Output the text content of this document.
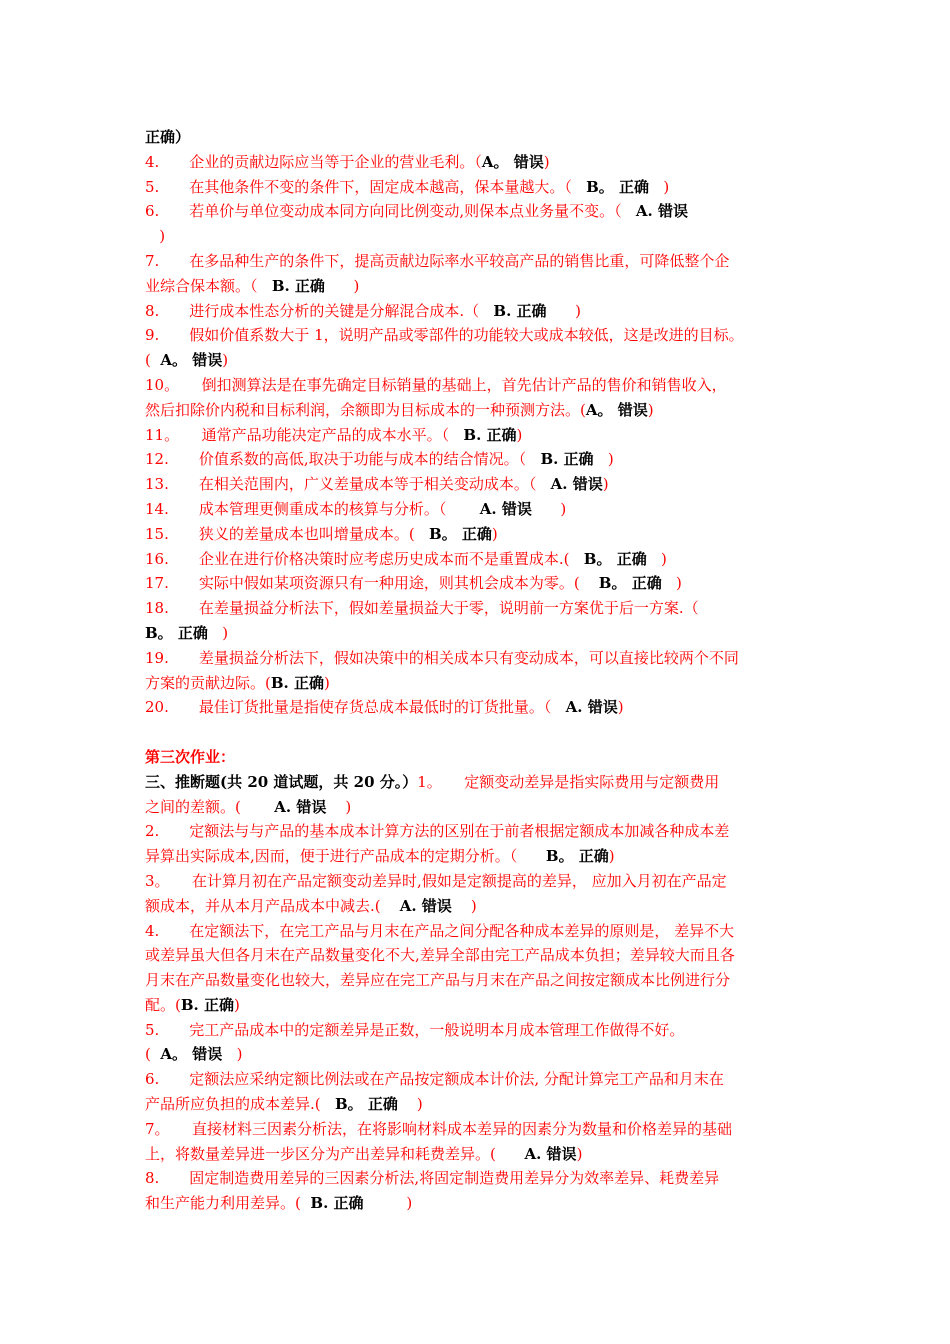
正确）
4.　　企业的贡献边际应当等于企业的营业毛利。（A。 错误)
5.　　在其他条件不变的条件下，固定成本越高，保本量越大。（   B。 正确   )
6.　　若单价与单位变动成本同方向同比例变动,则保本点业务量不变。（   A. 错误
)
7.　　在多品种生产的条件下，提高贡献边际率水平较高产品的销售比重，可降低整个企
业综合保本额。（   B. 正确      )
8.　　进行成本性态分析的关键是分解混合成本.（   B. 正确      )
9.　　假如价值系数大于 1，说明产品或零部件的功能较大或成本较低，这是改进的目标。
(  A。 错误)
10。　　倒扣测算法是在事先确定目标销量的基础上，首先估计产品的售价和销售收入，
然后扣除价内税和目标利润，余额即为目标成本的一种预测方法。(A。 错误)
11。　　通常产品功能决定产品的成本水平。（   B. 正确)
12.　　价值系数的高低,取决于功能与成本的结合情况。（   B. 正确   )
13.　　在相关范围内，广义差量成本等于相关变动成本。（   A. 错误)
14.　　成本管理更侧重成本的核算与分析。（       A. 错误      )
15.　　狭义的差量成本也叫增量成本。(   B。 正确)
16.　　企业在进行价格决策时应考虑历史成本而不是重置成本.(   B。 正确   )
17.　　实际中假如某项资源只有一种用途，则其机会成本为零。(    B。 正确   )
18.　　在差量损益分析法下，假如差量损益大于零，说明前一方案优于后一方案.（
B。 正确   )
19.　　差量损益分析法下，假如决策中的相关成本只有变动成本，可以直接比较两个不同
方案的贡献边际。(B. 正确)
20.　　最佳订货批量是指使存货总成本最低时的订货批量。（   A. 错误)
第三次作业：
三、推断题(共 20 道试题，共 20 分。）1。　　定额变动差异是指实际费用与定额费用
之间的差额。(       A. 错误    )
2.　　定额法与与产品的基本成本计算方法的区别在于前者根据定额成本加减各种成本差
异算出实际成本,因而，便于进行产品成本的定期分析。（      B。 正确)
3。　　在计算月初在产品定额变动差异时,假如是定额提高的差异， 应加入月初在产品定
额成本，并从本月产品成本中减去.(    A. 错误    )
4.　　在定额法下，在完工产品与月末在产品之间分配各种成本差异的原则是， 差异不大
或差异虽大但各月末在产品数量变化不大,差异全部由完工产品成本负担；差异较大而且各
月末在产品数量变化也较大，差异应在完工产品与月末在产品之间按定额成本比例进行分
配。(B. 正确)
5.　　完工产品成本中的定额差异是正数，一般说明本月成本管理工作做得不好。
(  A。 错误   )
6.　　定额法应采纳定额比例法或在产品按定额成本计价法, 分配计算完工产品和月末在
产品所应负担的成本差异.(   B。 正确    )
7。　　直接材料三因素分析法，在将影响材料成本差异的因素分为数量和价格差异的基础
上，将数量差异进一步区分为产出差异和耗费差异。(      A. 错误)
8.　　固定制造费用差异的三因素分析法,将固定制造费用差异分为效率差异、耗费差异
和生产能力利用差异。(  B. 正确         )
